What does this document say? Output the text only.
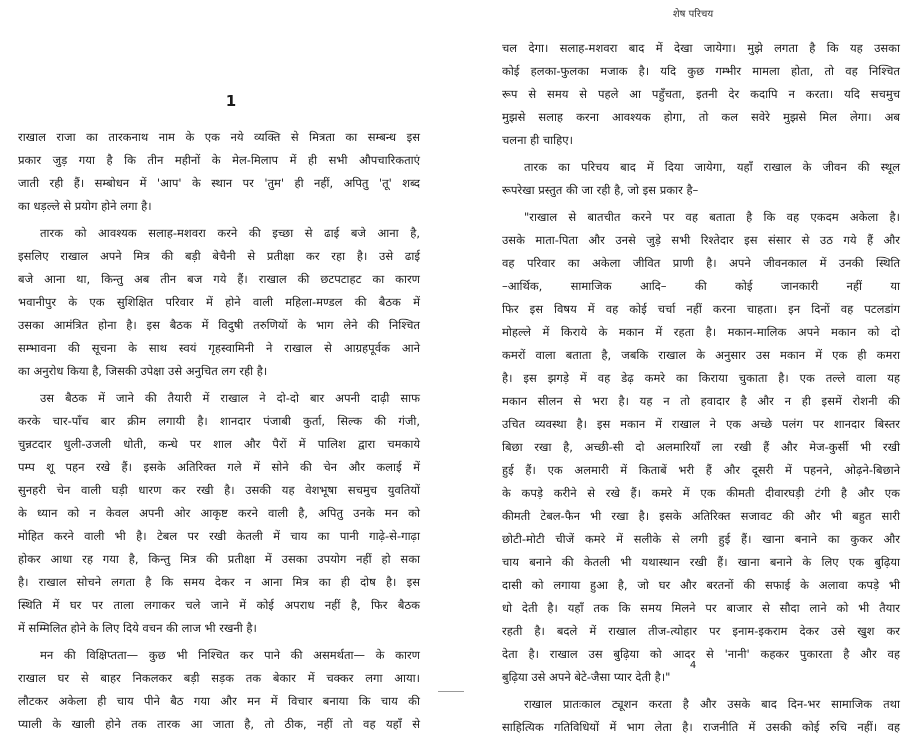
1
राखाल राजा का तारकनाथ नाम के एक नये व्यक्ति से मित्रता का सम्बन्ध इस
प्रकार जुड़ गया है कि तीन महीनों के मेल-मिलाप में ही सभी औपचारिकताएं
जाती रही हैं। सम्बोधन में 'आप' के स्थान पर 'तुम' ही नहीं, अपितु 'तू' शब्द
का धड़ल्ले से प्रयोग होने लगा है।
तारक को आवश्यक सलाह-मशवरा करने की इच्छा से ढाई बजे आना है,
इसलिए राखाल अपने मित्र की बड़ी बेचैनी से प्रतीक्षा कर रहा है। उसे ढाई
बजे आना था, किन्तु अब तीन बज गये हैं। राखाल की छटपटाहट का कारण
भवानीपुर के एक सुशिक्षित परिवार में होने वाली महिला-मण्डल की बैठक में
उसका आमंत्रित होना है। इस बैठक में विदुषी तरुणियों के भाग लेने की निश्चित
सम्भावना की सूचना के साथ स्वयं गृहस्वामिनी ने राखाल से आग्रहपूर्वक आने
का अनुरोध किया है, जिसकी उपेक्षा उसे अनुचित लग रही है।
उस बैठक में जाने की तैयारी में राखाल ने दो-दो बार अपनी दाढ़ी साफ
करके चार-पाँच बार क्रीम लगायी है। शानदार पंजाबी कुर्ता, सिल्क की गंजी,
चुन्नटदार धुली-उजली धोती, कन्धे पर शाल और पैरों में पालिश द्वारा चमकाये
पम्प शू पहन रखे हैं। इसके अतिरिक्त गले में सोने की चेन और कलाई में
सुनहरी चेन वाली घड़ी धारण कर रखी है। उसकी यह वेशभूषा सचमुच युवतियों
के ध्यान को न केवल अपनी ओर आकृष्ट करने वाली है, अपितु उनके मन को
मोहित करने वाली भी है। टेबल पर रखी केतली में चाय का पानी गाढ़े-से-गाढ़ा
होकर आधा रह गया है, किन्तु मित्र की प्रतीक्षा में उसका उपयोग नहीं हो सका
है। राखाल सोचने लगता है कि समय देकर न आना मित्र का ही दोष है। इस
स्थिति में घर पर ताला लगाकर चले जाने में कोई अपराध नहीं है, फिर बैठक
में सम्मिलित होने के लिए दिये वचन की लाज भी रखनी है।
मन की विक्षिप्तता— कुछ भी निश्चित कर पाने की असमर्थता— के कारण
राखाल घर से बाहर निकलकर बड़ी सड़क तक बेकार में चक्कर लगा आया।
लौटकर अकेला ही चाय पीने बैठ गया और मन में विचार बनाया कि चाय की
प्याली के खाली होने तक तारक आ जाता है, तो ठीक, नहीं तो वह यहाँ से
शेष परिचय
चल देगा। सलाह-मशवरा बाद में देखा जायेगा। मुझे लगता है कि यह उसका
कोई हलका-फुलका मजाक है। यदि कुछ गम्भीर मामला होता, तो वह निश्चित
रूप से समय से पहले आ पहुँचता, इतनी देर कदापि न करता। यदि सचमुच
मुझसे सलाह करना आवश्यक होगा, तो कल सवेरे मुझसे मिल लेगा। अब
चलना ही चाहिए।
तारक का परिचय बाद में दिया जायेगा, यहाँ राखाल के जीवन की स्थूल
रूपरेखा प्रस्तुत की जा रही है, जो इस प्रकार है–
"राखाल से बातचीत करने पर वह बताता है कि वह एकदम अकेला है।
उसके माता-पिता और उनसे जुड़े सभी रिश्तेदार इस संसार से उठ गये हैं और
वह परिवार का अकेला जीवित प्राणी है। अपने जीवनकाल में उनकी स्थिति
–आर्थिक, सामाजिक आदि– की कोई जानकारी नहीं या
फिर इस विषय में वह कोई चर्चा नहीं करना चाहता। इन दिनों वह पटलडांग
मोहल्ले में किराये के मकान में रहता है। मकान-मालिक अपने मकान को दो
कमरों वाला बताता है, जबकि राखाल के अनुसार उस मकान में एक ही कमरा
है। इस झगड़े में वह डेढ़ कमरे का किराया चुकाता है। एक तल्ले वाला यह
मकान सीलन से भरा है। यह न तो हवादार है और न ही इसमें रोशनी की
उचित व्यवस्था है। इस मकान में राखाल ने एक अच्छे पलंग पर शानदार बिस्तर
बिछा रखा है, अच्छी-सी दो अलमारियाँ ला रखी हैं और मेज-कुर्सी भी रखी
हुई हैं। एक अलमारी में किताबें भरी हैं और दूसरी में पहनने, ओढ़ने-बिछाने
के कपड़े करीने से रखे हैं। कमरे में एक कीमती दीवारघड़ी टंगी है और एक
कीमती टेबल-फैन भी रखा है। इसके अतिरिक्त सजावट की और भी बहुत सारी
छोटी-मोटी चीजें कमरे में सलीके से लगी हुई हैं। खाना बनाने का कुकर और
चाय बनाने की केतली भी यथास्थान रखी हैं। खाना बनाने के लिए एक बुढ़िया
दासी को लगाया हुआ है, जो घर और बरतनों की सफाई के अलावा कपड़े भी
धो देती है। यहाँ तक कि समय मिलने पर बाजार से सौदा लाने को भी तैयार
रहती है। बदले में राखाल तीज-त्योहार पर इनाम-इकराम देकर उसे खुश कर
देता है। राखाल उस बुढ़िया को आदर से 'नानी' कहकर पुकारता है और वह
बुढ़िया उसे अपने बेटे-जैसा प्यार देती है।"
राखाल प्रातःकाल ट्यूशन करता है और उसके बाद दिन-भर सामाजिक तथा
साहित्यिक गतिविधियों में भाग लेता है। राजनीति में उसकी कोई रुचि नहीं। वह
4
